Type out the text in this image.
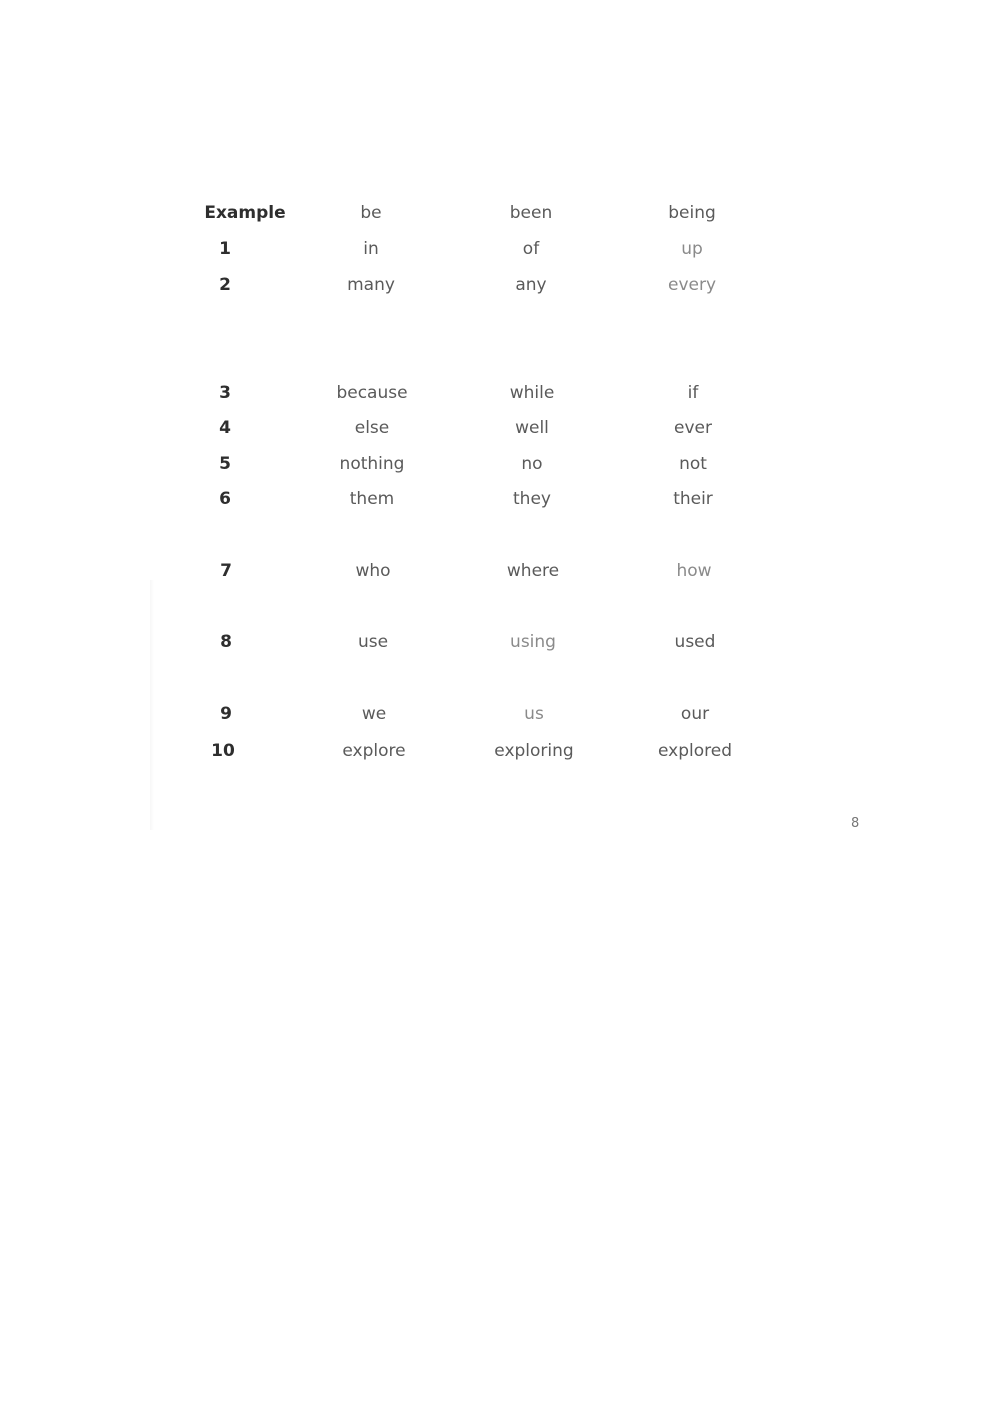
Example	be	been	being
1	in	of	up
2	many	any	every
3	because	while	if
4	else	well	ever
5	nothing	no	not
6	them	they	their
7	who	where	how
8	use	using	used
9	we	us	our
10	explore	exploring	explored
8
